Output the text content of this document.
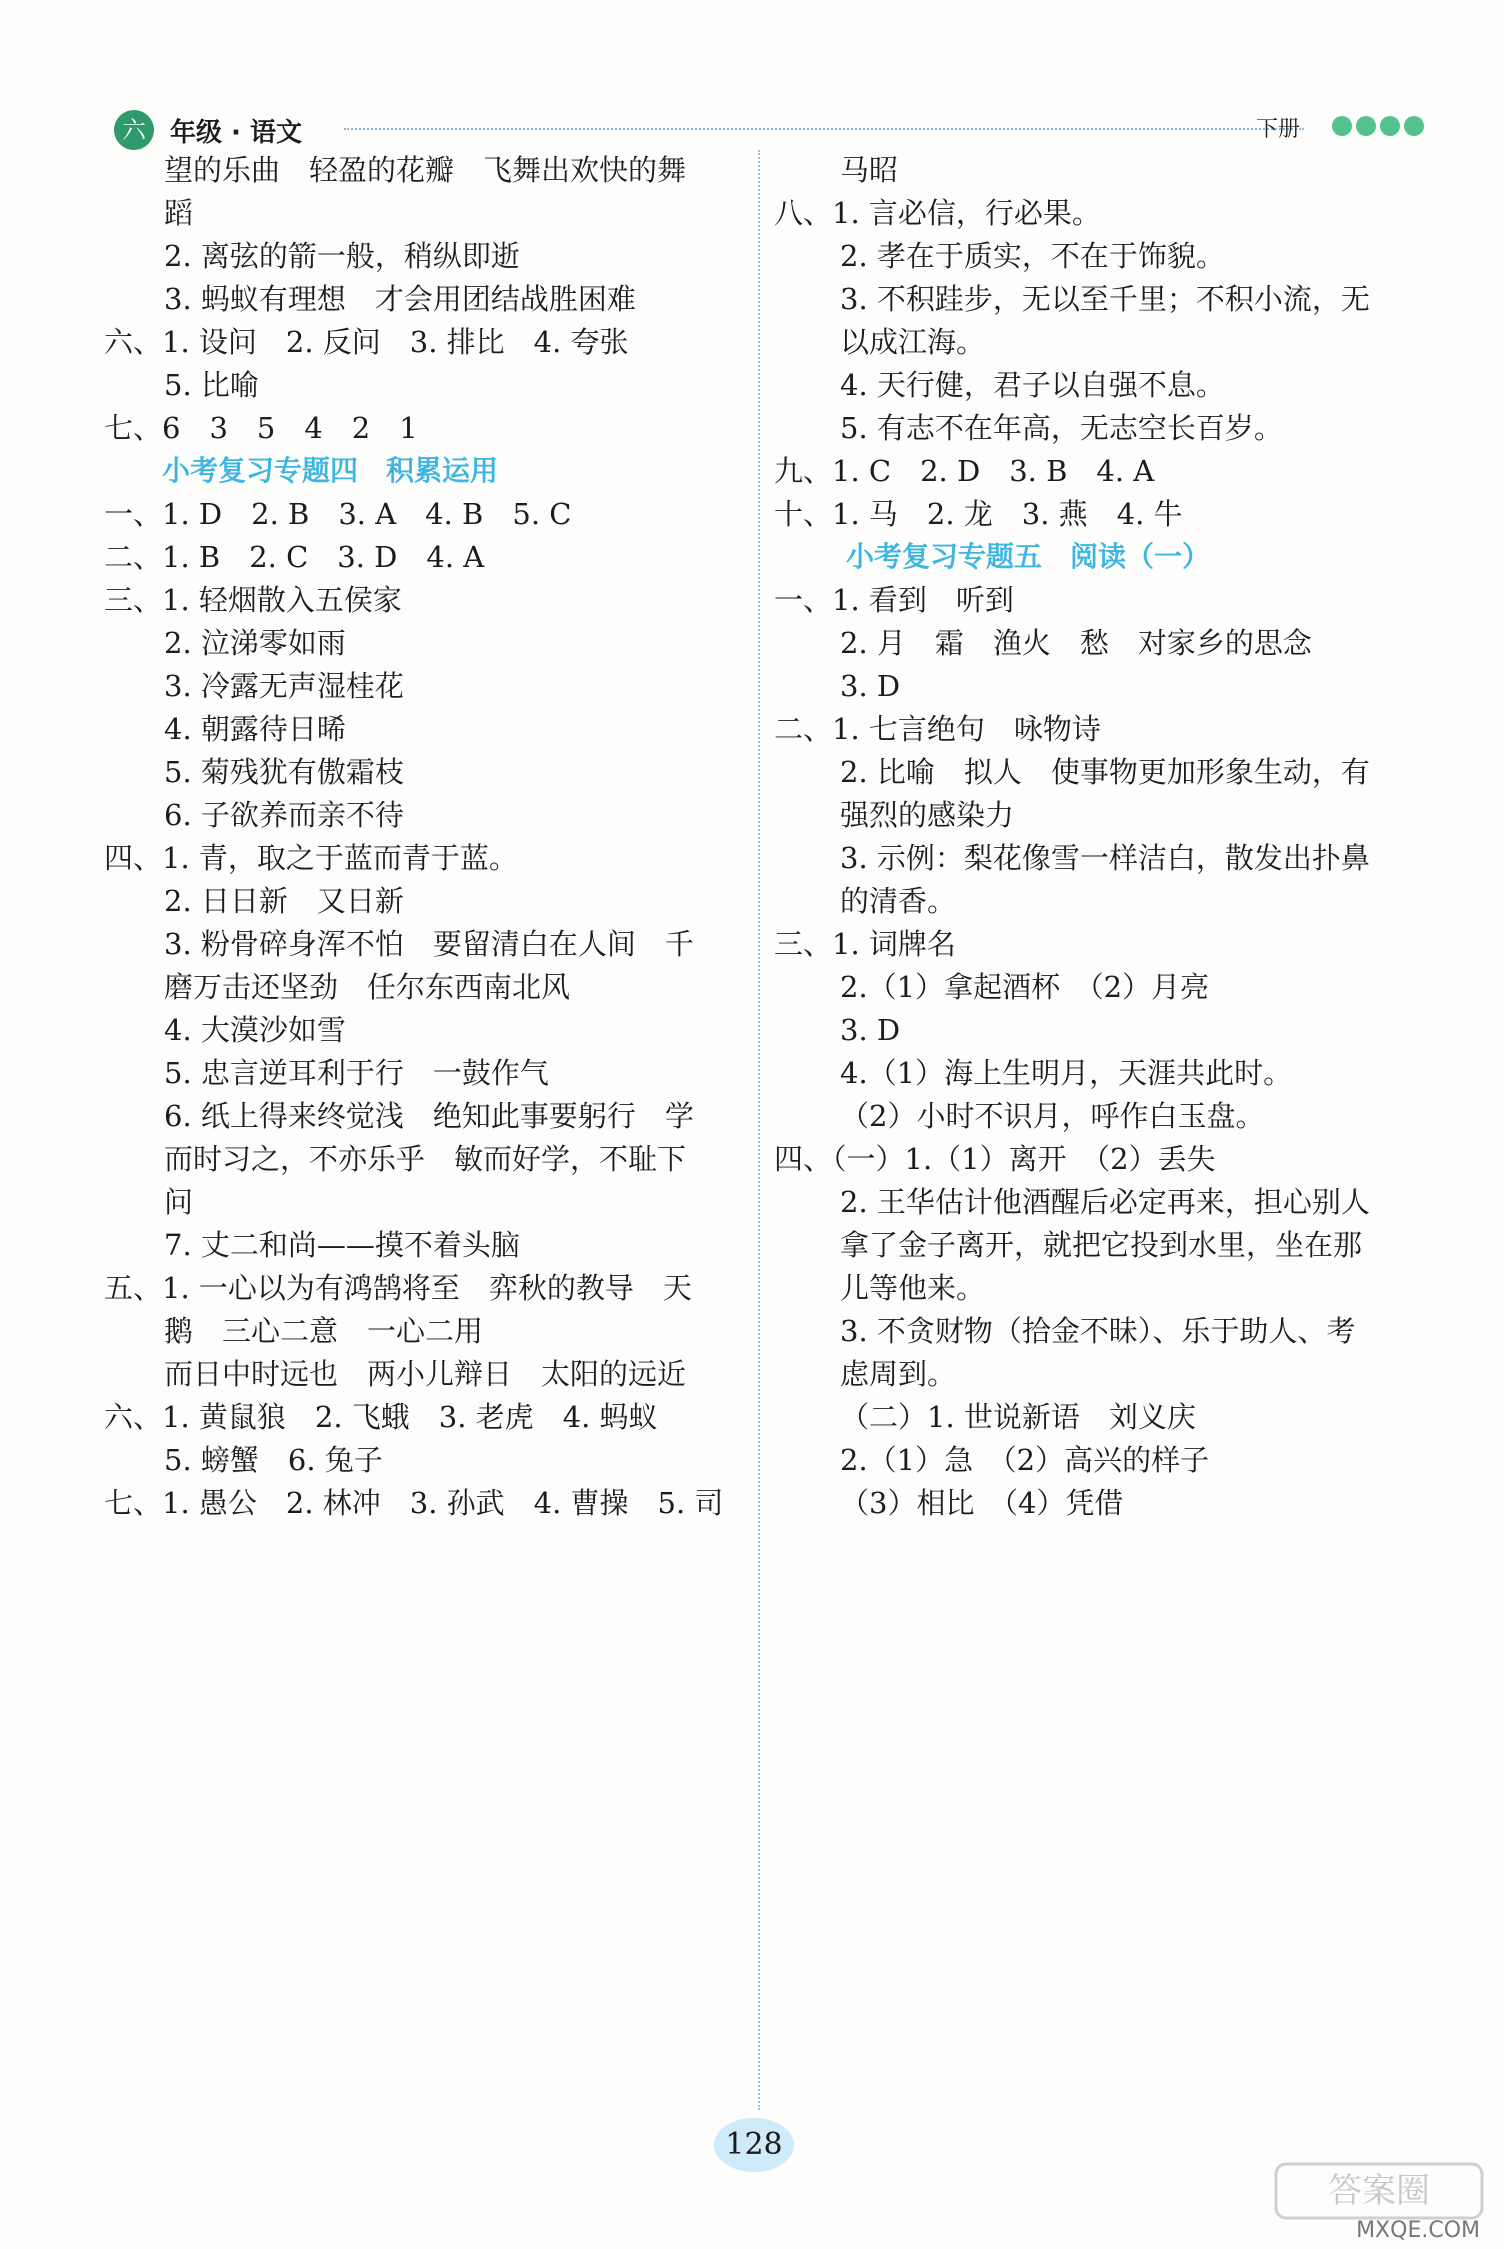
六 年级 · 语文	下册
望的乐曲　轻盈的花瓣　飞舞出欢快的舞
蹈
2. 离弦的箭一般，稍纵即逝
3. 蚂蚁有理想　才会用团结战胜困难
六、1. 设问　2. 反问　3. 排比　4. 夸张
5. 比喻
七、6　3　5　4　2　1
小考复习专题四　积累运用
一、1. D　2. B　3. A　4. B　5. C
二、1. B　2. C　3. D　4. A
三、1. 轻烟散入五侯家
2. 泣涕零如雨
3. 冷露无声湿桂花
4. 朝露待日晞
5. 菊残犹有傲霜枝
6. 子欲养而亲不待
四、1. 青，取之于蓝而青于蓝。
2. 日日新　又日新
3. 粉骨碎身浑不怕　要留清白在人间　千
磨万击还坚劲　任尔东西南北风
4. 大漠沙如雪
5. 忠言逆耳利于行　一鼓作气
6. 纸上得来终觉浅　绝知此事要躬行　学
而时习之，不亦乐乎　敏而好学，不耻下
问
7. 丈二和尚——摸不着头脑
五、1. 一心以为有鸿鹄将至　弈秋的教导　天
鹅　三心二意　一心二用
而日中时远也　两小儿辩日　太阳的远近
六、1. 黄鼠狼　2. 飞蛾　3. 老虎　4. 蚂蚁
5. 螃蟹　6. 兔子
七、1. 愚公　2. 林冲　3. 孙武　4. 曹操　5. 司
马昭
八、1. 言必信，行必果。
2. 孝在于质实，不在于饰貌。
3. 不积跬步，无以至千里；不积小流，无
以成江海。
4. 天行健，君子以自强不息。
5. 有志不在年高，无志空长百岁。
九、1. C　2. D　3. B　4. A
十、1. 马　2. 龙　3. 燕　4. 牛
小考复习专题五　阅读（一）
一、1. 看到　听到
2. 月　霜　渔火　愁　对家乡的思念
3. D
二、1. 七言绝句　咏物诗
2. 比喻　拟人　使事物更加形象生动，有
强烈的感染力
3. 示例：梨花像雪一样洁白，散发出扑鼻
的清香。
三、1. 词牌名
2.（1）拿起酒杯　（2）月亮
3. D
4.（1）海上生明月，天涯共此时。
（2）小时不识月，呼作白玉盘。
四、（一）1.（1）离开　（2）丢失
2. 王华估计他酒醒后必定再来，担心别人
拿了金子离开，就把它投到水里，坐在那
儿等他来。
3. 不贪财物（拾金不昧）、乐于助人、考
虑周到。
（二）1. 世说新语　刘义庆
2.（1）急　（2）高兴的样子
（3）相比　（4）凭借
128
答案圈
MXQE.COM
